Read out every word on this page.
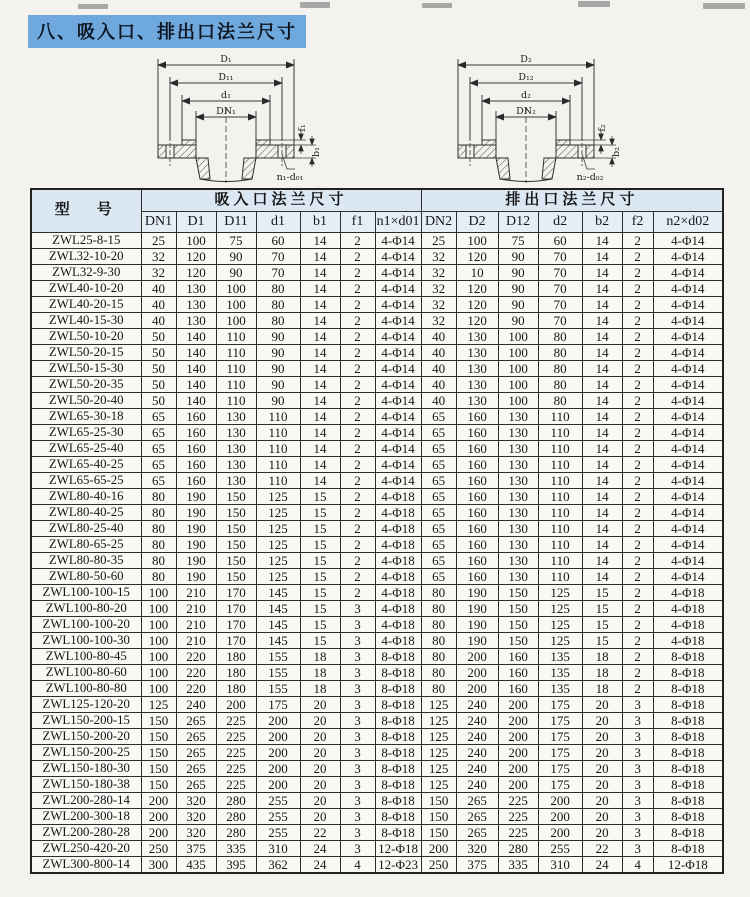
八、吸入口、排出口法兰尺寸
D₁
D₁₁
d₁
DN₁
f₁
b₁
n₁-d₀₁
D₂
D₁₂
d₂
DN₂
f₂
b₂
n₂-d₀₂
型　号	吸入口法兰尺寸							排出口法兰尺寸						
	DN1	D1	D11	d1	b1	f1	n1×d01	DN2	D2	D12	d2	b2	f2	n2×d02
ZWL25-8-15	25	100	75	60	14	2	4-Φ14	25	100	75	60	14	2	4-Φ14
ZWL32-10-20	32	120	90	70	14	2	4-Φ14	32	120	90	70	14	2	4-Φ14
ZWL32-9-30	32	120	90	70	14	2	4-Φ14	32	10	90	70	14	2	4-Φ14
ZWL40-10-20	40	130	100	80	14	2	4-Φ14	32	120	90	70	14	2	4-Φ14
ZWL40-20-15	40	130	100	80	14	2	4-Φ14	32	120	90	70	14	2	4-Φ14
ZWL40-15-30	40	130	100	80	14	2	4-Φ14	32	120	90	70	14	2	4-Φ14
ZWL50-10-20	50	140	110	90	14	2	4-Φ14	40	130	100	80	14	2	4-Φ14
ZWL50-20-15	50	140	110	90	14	2	4-Φ14	40	130	100	80	14	2	4-Φ14
ZWL50-15-30	50	140	110	90	14	2	4-Φ14	40	130	100	80	14	2	4-Φ14
ZWL50-20-35	50	140	110	90	14	2	4-Φ14	40	130	100	80	14	2	4-Φ14
ZWL50-20-40	50	140	110	90	14	2	4-Φ14	40	130	100	80	14	2	4-Φ14
ZWL65-30-18	65	160	130	110	14	2	4-Φ14	65	160	130	110	14	2	4-Φ14
ZWL65-25-30	65	160	130	110	14	2	4-Φ14	65	160	130	110	14	2	4-Φ14
ZWL65-25-40	65	160	130	110	14	2	4-Φ14	65	160	130	110	14	2	4-Φ14
ZWL65-40-25	65	160	130	110	14	2	4-Φ14	65	160	130	110	14	2	4-Φ14
ZWL65-65-25	65	160	130	110	14	2	4-Φ14	65	160	130	110	14	2	4-Φ14
ZWL80-40-16	80	190	150	125	15	2	4-Φ18	65	160	130	110	14	2	4-Φ14
ZWL80-40-25	80	190	150	125	15	2	4-Φ18	65	160	130	110	14	2	4-Φ14
ZWL80-25-40	80	190	150	125	15	2	4-Φ18	65	160	130	110	14	2	4-Φ14
ZWL80-65-25	80	190	150	125	15	2	4-Φ18	65	160	130	110	14	2	4-Φ14
ZWL80-80-35	80	190	150	125	15	2	4-Φ18	65	160	130	110	14	2	4-Φ14
ZWL80-50-60	80	190	150	125	15	2	4-Φ18	65	160	130	110	14	2	4-Φ14
ZWL100-100-15	100	210	170	145	15	2	4-Φ18	80	190	150	125	15	2	4-Φ18
ZWL100-80-20	100	210	170	145	15	3	4-Φ18	80	190	150	125	15	2	4-Φ18
ZWL100-100-20	100	210	170	145	15	3	4-Φ18	80	190	150	125	15	2	4-Φ18
ZWL100-100-30	100	210	170	145	15	3	4-Φ18	80	190	150	125	15	2	4-Φ18
ZWL100-80-45	100	220	180	155	18	3	8-Φ18	80	200	160	135	18	2	8-Φ18
ZWL100-80-60	100	220	180	155	18	3	8-Φ18	80	200	160	135	18	2	8-Φ18
ZWL100-80-80	100	220	180	155	18	3	8-Φ18	80	200	160	135	18	2	8-Φ18
ZWL125-120-20	125	240	200	175	20	3	8-Φ18	125	240	200	175	20	3	8-Φ18
ZWL150-200-15	150	265	225	200	20	3	8-Φ18	125	240	200	175	20	3	8-Φ18
ZWL150-200-20	150	265	225	200	20	3	8-Φ18	125	240	200	175	20	3	8-Φ18
ZWL150-200-25	150	265	225	200	20	3	8-Φ18	125	240	200	175	20	3	8-Φ18
ZWL150-180-30	150	265	225	200	20	3	8-Φ18	125	240	200	175	20	3	8-Φ18
ZWL150-180-38	150	265	225	200	20	3	8-Φ18	125	240	200	175	20	3	8-Φ18
ZWL200-280-14	200	320	280	255	20	3	8-Φ18	150	265	225	200	20	3	8-Φ18
ZWL200-300-18	200	320	280	255	20	3	8-Φ18	150	265	225	200	20	3	8-Φ18
ZWL200-280-28	200	320	280	255	22	3	8-Φ18	150	265	225	200	20	3	8-Φ18
ZWL250-420-20	250	375	335	310	24	3	12-Φ18	200	320	280	255	22	3	8-Φ18
ZWL300-800-14	300	435	395	362	24	4	12-Φ23	250	375	335	310	24	4	12-Φ18
